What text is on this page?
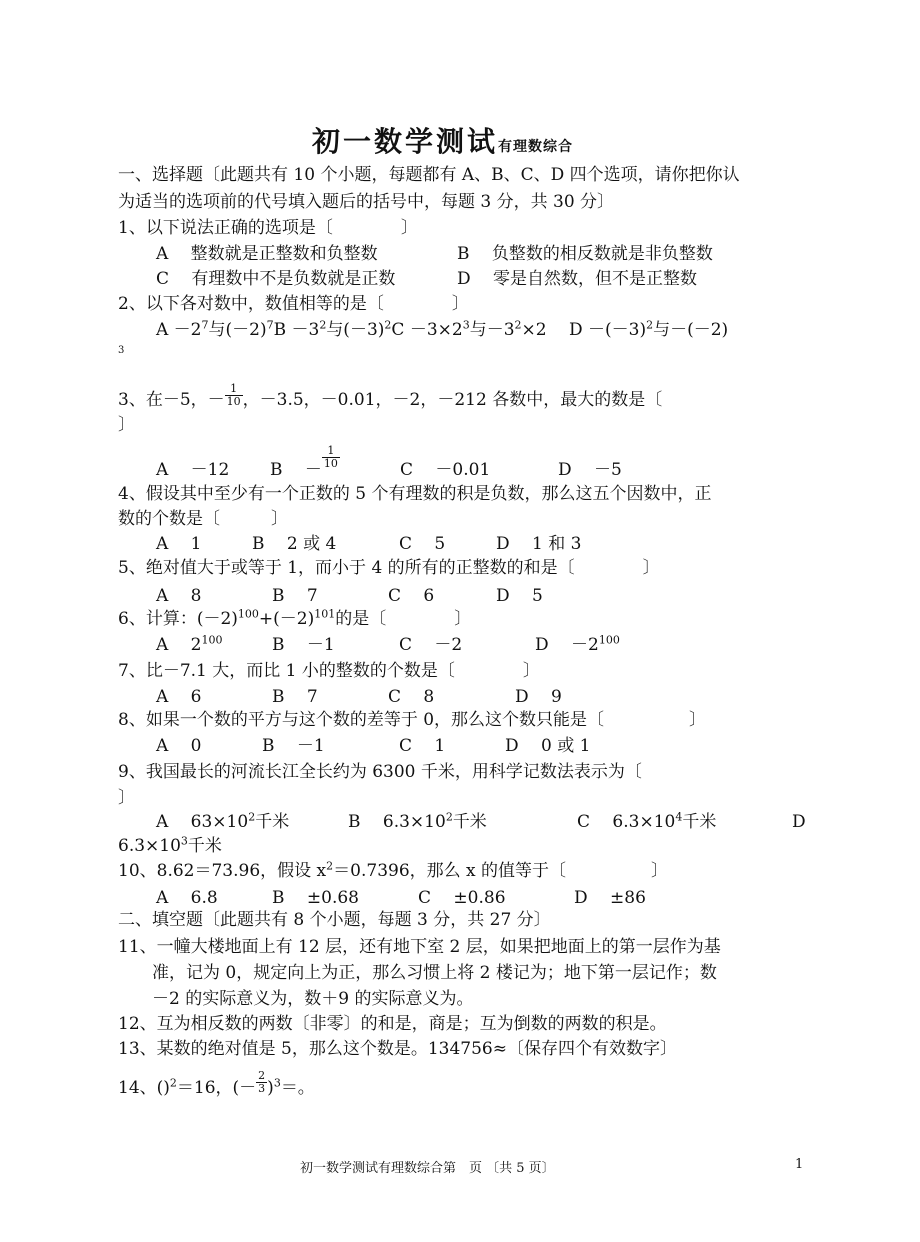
初一数学测试有理数综合
一、选择题〔此题共有 10 个小题，每题都有 A、B、C、D 四个选项，请你把你认
为适当的选项前的代号填入题后的括号中，每题 3 分，共 30 分〕
1、以下说法正确的选项是〔　　　　〕
A　 整数就是正整数和负整数	B　 负整数的相反数就是非负整数
C　 有理数中不是负数就是正数	D　 零是自然数，但不是正整数
2、以下各对数中，数值相等的是〔　　　　〕
$A -2^7$与$(-2)^7B -3^2$与$(-3)^2C -3\times 2^3$与$-3^2\times 2$　 $D -(-3)^2$与－(－2)
3
3、在－5，－ $\frac{1}{10}$ ，－3.5，－0.01，－2，－212 各数中，最大的数是〔
〕
A　 －12 B　 － $\frac{1}{10}$	C　 －0.01	D　 －5
4、假设其中至少有一个正数的 5 个有理数的积是负数，那么这五个因数中，正
数的个数是〔　　　〕
A　 1	B　 2 或 4	C　 5	D　 1 和 3
5、绝对值大于或等于 1，而小于 4 的所有的正整数的和是〔　　　　〕
A　 8	B　 7	C　 6	D　 5
6、计算：$(-2)^{100}+(-2)^{101}$的是〔　　　　〕
A　 $2^{100}$	B　 －1	C　 －2	D　 $-2^{100}$
7、比－7.1 大，而比 1 小的整数的个数是〔　　　　〕
A　 6	B　 7	C　 8	D　 9
8、如果一个数的平方与这个数的差等于 0，那么这个数只能是〔　　　　　〕
A　 0	B　 －1	C　 1	D　 0 或 1
9、我国最长的河流长江全长约为 6300 千米，用科学记数法表示为〔
〕
A　 $63\times 10^2$千米	B　 $6.3\times 10^2$千米	C　 $6.3\times 10^4$千米	D
$6.3\times 10^3$千米
10、8.62＝73.96，假设 $x^2=0.7396$，那么 x 的值等于〔　　　　　〕
A　 6.8	B　 ±0.68	C　 ±0.86	D　 ±86
二、填空题〔此题共有 8 个小题，每题 3 分，共 27 分〕
11、一幢大楼地面上有 12 层，还有地下室 2 层，如果把地面上的第一层作为基
准，记为 0，规定向上为正，那么习惯上将 2 楼记为；地下第一层记作；数
－2 的实际意义为，数＋9 的实际意义为。
12、互为相反数的两数〔非零〕的和是，商是；互为倒数的两数的积是。
13、某数的绝对值是 5，那么这个数是。134756≈〔保存四个有效数字〕
14、()$^2$＝16，(－ $\frac{2}{3} )^3=$。
初一数学测试有理数综合第　页 〔共 5 页〕	1
